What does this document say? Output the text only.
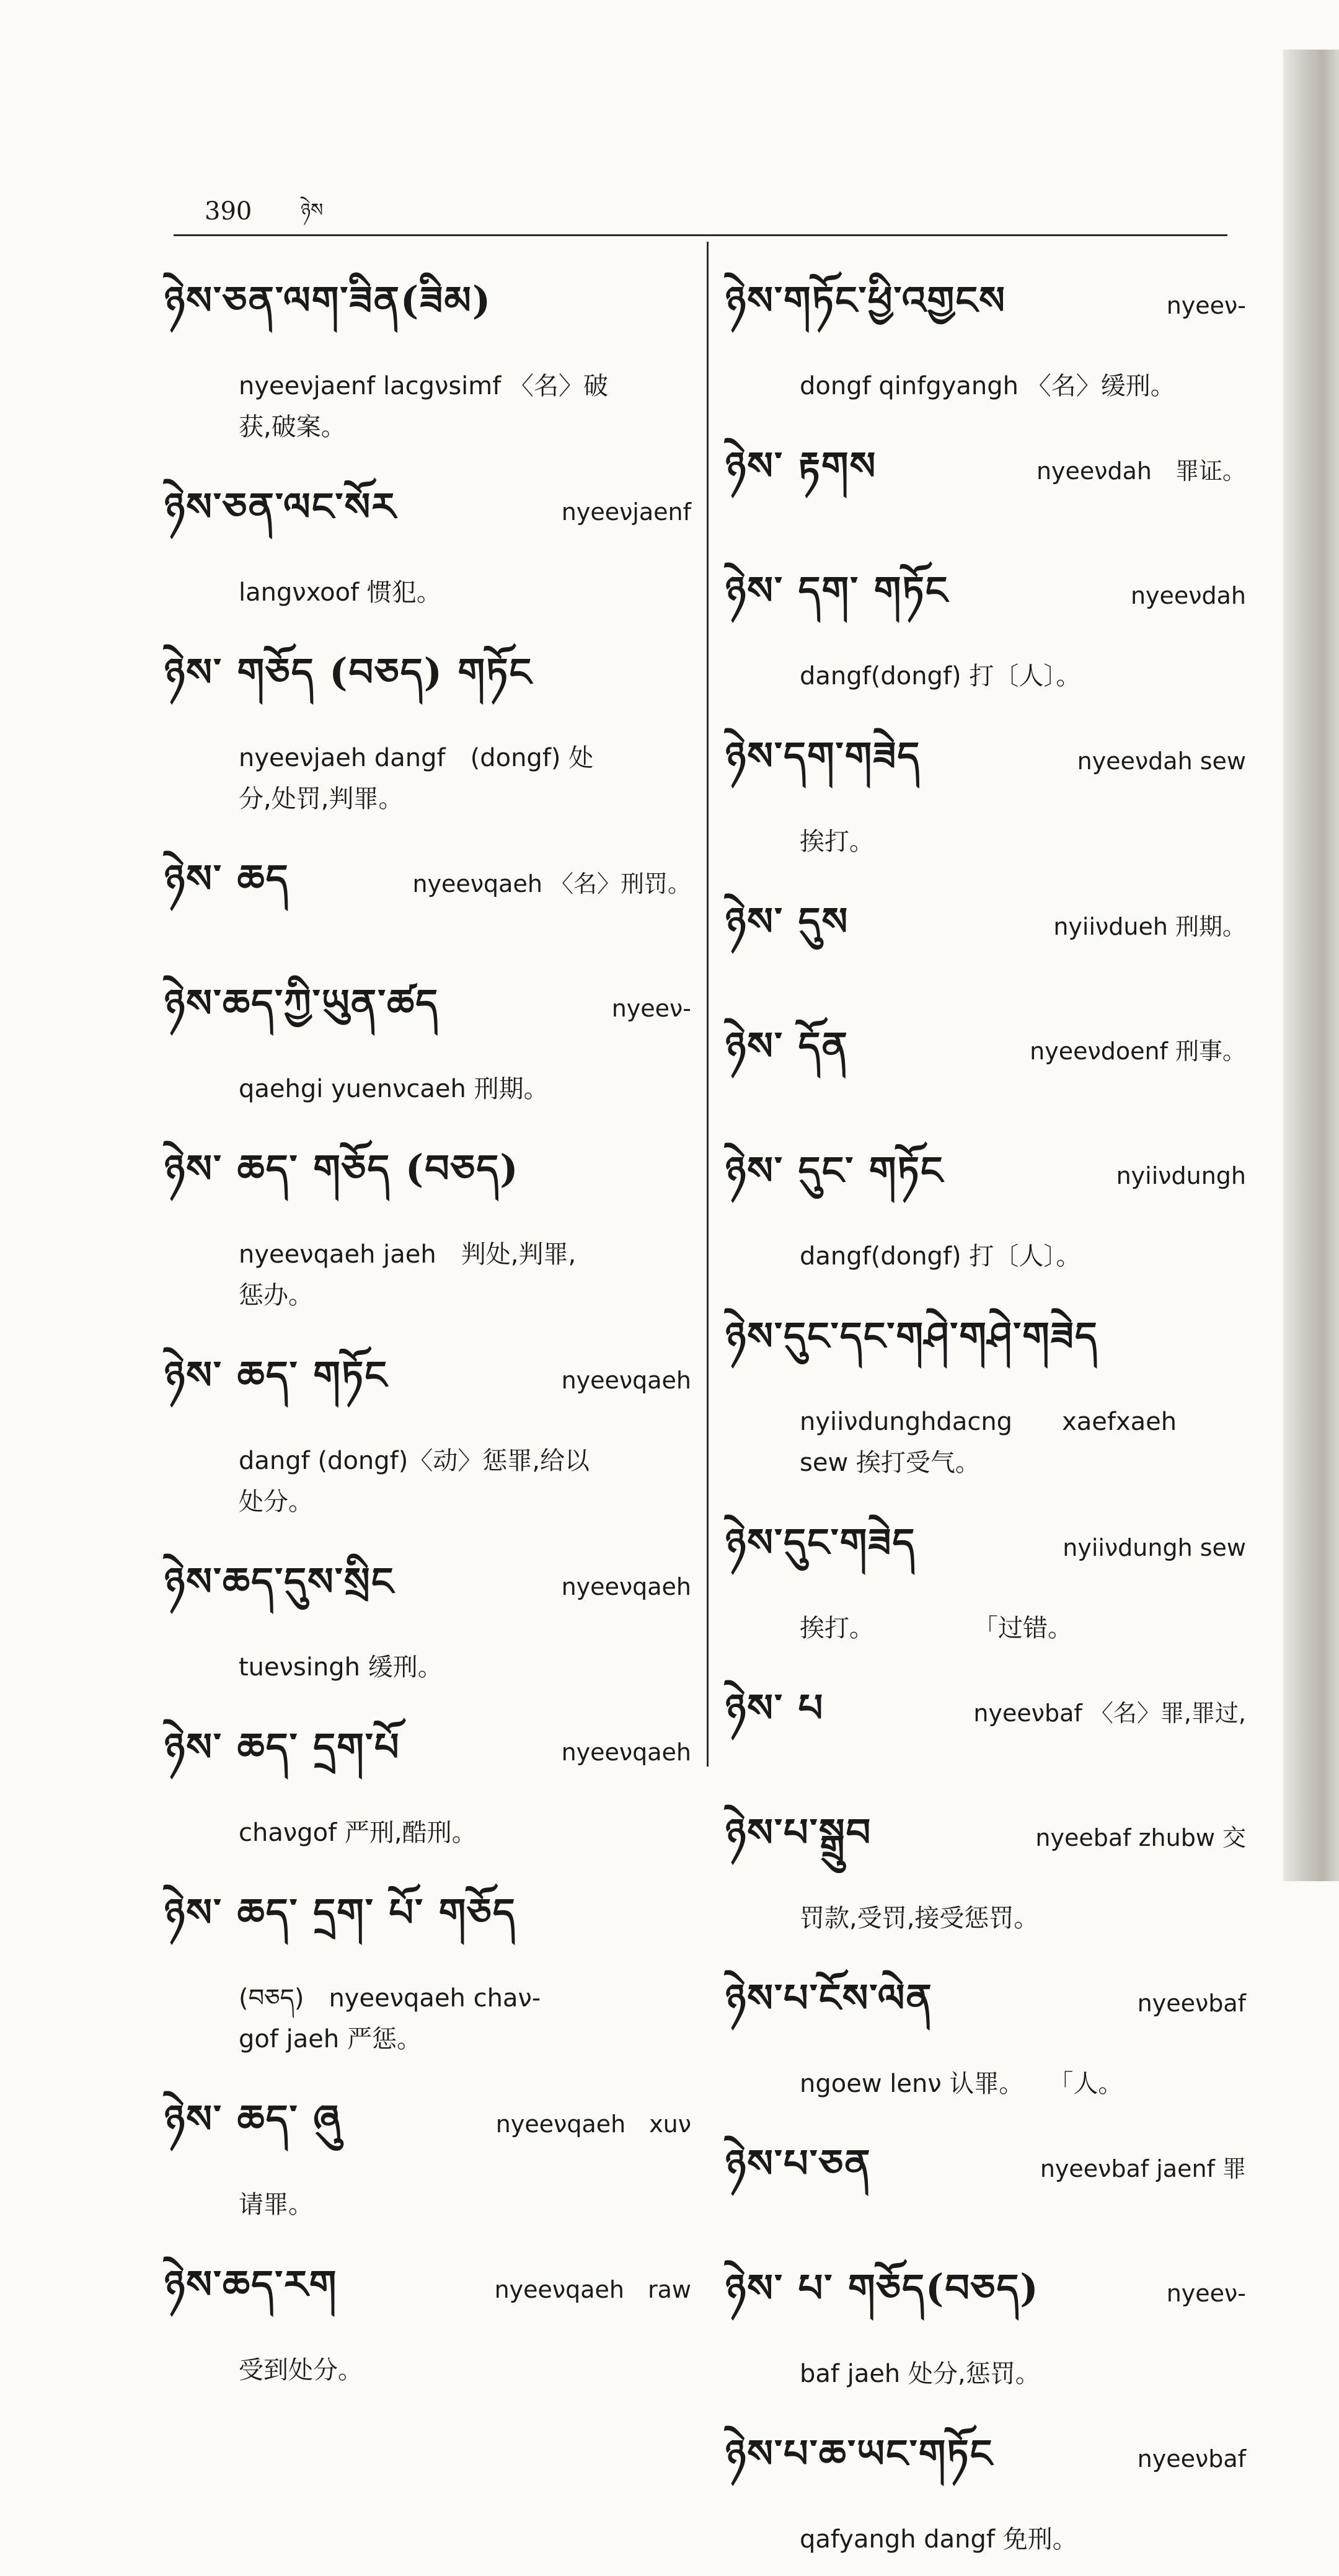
390	ཉེས
ཉེས་ཅན་ལག་ཟིན(ཟིམ)
nyeeνjaenf lacgνsimf 〈名〉破
获,破案。
ཉེས་ཅན་ལང་སོར	nyeeνjaenf
langνxoof 惯犯。
ཉེས་ གཅོད (བཅད) གཏོང
nyeeνjaeh dangf　(dongf) 处
分,处罚,判罪。
ཉེས་ ཆད	nyeeνqaeh 〈名〉刑罚。
ཉེས་ཆད་ཀྱི་ཡུན་ཚད	nyeeν-
qaehgi yuenνcaeh 刑期。
ཉེས་ ཆད་ གཅོད (བཅད)
nyeeνqaeh jaeh　判处,判罪,
惩办。
ཉེས་ ཆད་ གཏོང	nyeeνqaeh
dangf (dongf)〈动〉惩罪,给以
处分。
ཉེས་ཆད་དུས་སྲིང	nyeeνqaeh
tueνsingh 缓刑。
ཉེས་ ཆད་ དྲག་པོ	nyeeνqaeh
chaνgof 严刑,酷刑。
ཉེས་ ཆད་ དྲག་ པོ་ གཅོད
(བཅད)　nyeeνqaeh chaν-
gof jaeh 严惩。
ཉེས་ ཆད་ ཞུ	nyeeνqaeh　xuν
请罪。
ཉེས་ཆད་རག	nyeeνqaeh　raw
受到处分。
ཉེས་གཏོང་ཕྱི་འགྱངས	nyeeν-
dongf qinfgyangh 〈名〉缓刑。
ཉེས་ རྟགས	nyeeνdah　罪证。
ཉེས་ དག་ གཏོང	nyeeνdah
dangf(dongf) 打〔人〕。
ཉེས་དག་གཟེད	nyeeνdah sew
挨打。
ཉེས་ དུས	nyiiνdueh 刑期。
ཉེས་ དོན	nyeeνdoenf 刑事。
ཉེས་ དུང་ གཏོང	nyiiνdungh
dangf(dongf) 打〔人〕。
ཉེས་དུང་དང་གཤེ་གཤེ་གཟེད
nyiiνdunghdacng　　xaefxaeh
sew 挨打受气。
ཉེས་དུང་གཟེད	nyiiνdungh sew
挨打。　　　　　「过错。
ཉེས་ པ	nyeeνbaf 〈名〉罪,罪过,
ཉེས་པ་སྒྲུབ	nyeebaf zhubw 交
罚款,受罚,接受惩罚。
ཉེས་པ་ངོས་ལེན	nyeeνbaf
ngoew lenν 认罪。　　「人。
ཉེས་པ་ཅན	nyeeνbaf jaenf 罪
ཉེས་ པ་ གཅོད(བཅད)	nyeeν-
baf jaeh 处分,惩罚。
ཉེས་པ་ཆ་ཡང་གཏོང	nyeeνbaf
qafyangh dangf 免刑。
